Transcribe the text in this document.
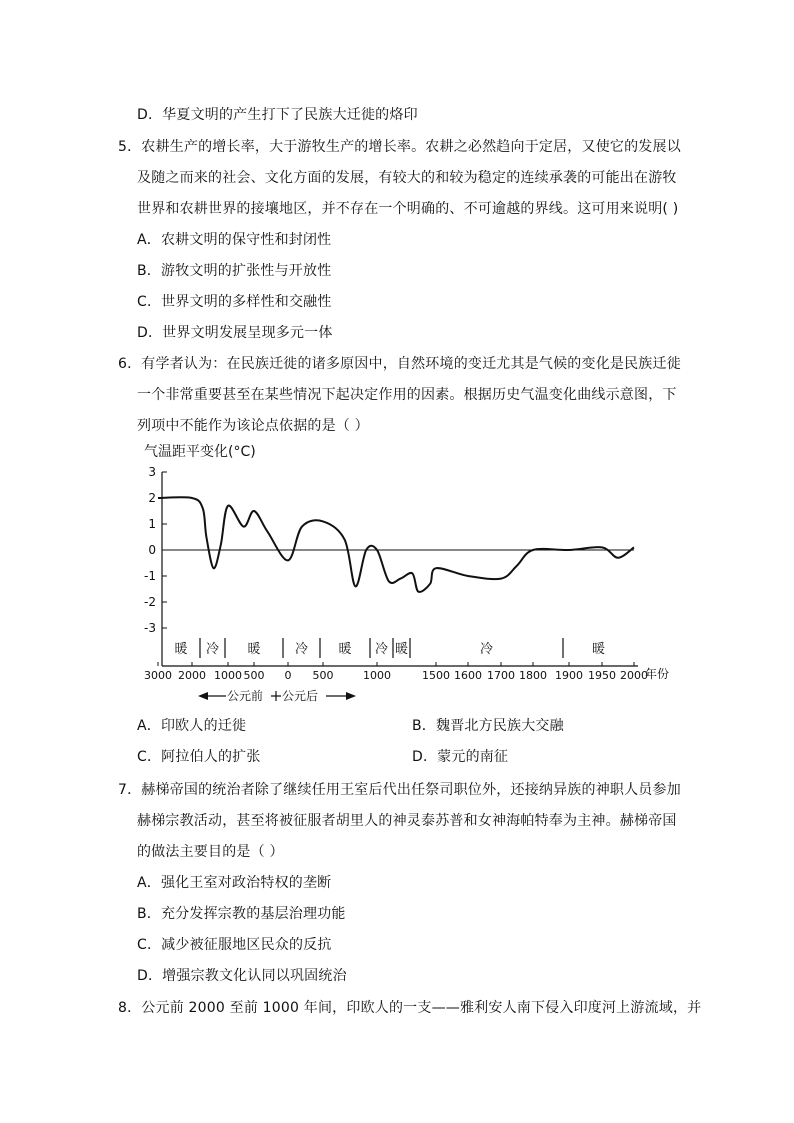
D．华夏文明的产生打下了民族大迁徙的烙印
5．农耕生产的增长率，大于游牧生产的增长率。农耕之必然趋向于定居，又使它的发展以
及随之而来的社会、文化方面的发展，有较大的和较为稳定的连续承袭的可能出在游牧
世界和农耕世界的接壤地区，并不存在一个明确的、不可逾越的界线。这可用来说明( )
A．农耕文明的保守性和封闭性
B．游牧文明的扩张性与开放性
C．世界文明的多样性和交融性
D．世界文明发展呈现多元一体
6．有学者认为：在民族迁徙的诸多原因中，自然环境的变迁尤其是气候的变化是民族迁徙
一个非常重要甚至在某些情况下起决定作用的因素。根据历史气温变化曲线示意图，下
列项中不能作为该论点依据的是（ ）
气温距平变化(°C)
3
2
1
0
-1
-2
-3
3000 2000 1000 500 0 500	1000	1500 1600 1700 1800 1900 1950 2000
暖 冷 暖	冷 暖 冷 暖	冷	暖
年份
公元前 公元后
A．印欧人的迁徙	B．魏晋北方民族大交融
C．阿拉伯人的扩张	D．蒙元的南征
7．赫梯帝国的统治者除了继续任用王室后代出任祭司职位外，还接纳异族的神职人员参加
赫梯宗教活动，甚至将被征服者胡里人的神灵泰苏普和女神海帕特奉为主神。赫梯帝国
的做法主要目的是（ ）
A．强化王室对政治特权的垄断
B．充分发挥宗教的基层治理功能
C．减少被征服地区民众的反抗
D．增强宗教文化认同以巩固统治
8．公元前 2000 至前 1000 年间，印欧人的一支——雅利安人南下侵入印度河上游流域，并
